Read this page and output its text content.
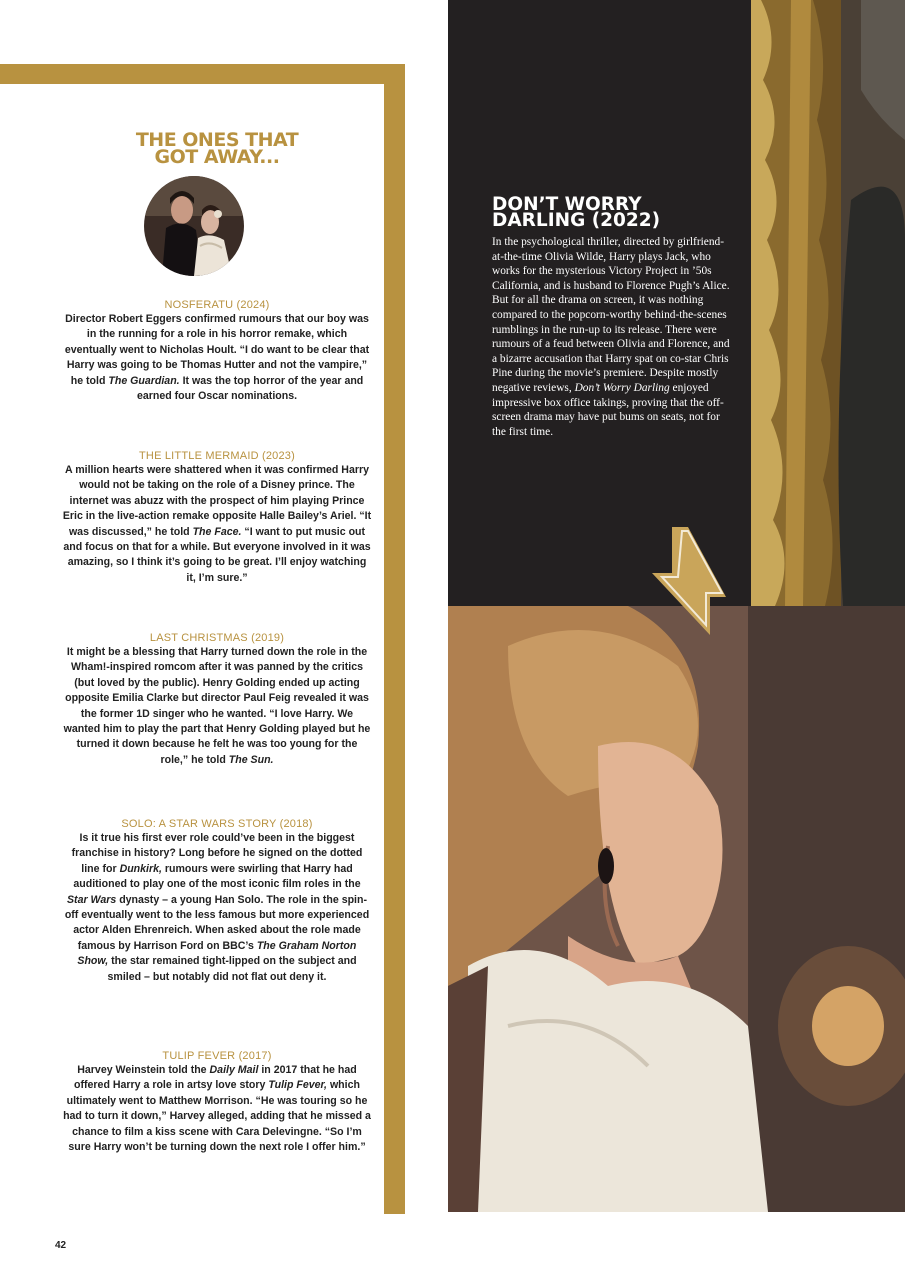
THE ONES THAT
GOT AWAY...
NOSFERATU (2024)

Director Robert Eggers confirmed rumours that our boy was in the running for a role in his horror remake, which eventually went to Nicholas Hoult. “I do want to be clear that Harry was going to be Thomas Hutter and not the vampire,” he told The Guardian. It was the top horror of the year and earned four Oscar nominations.

THE LITTLE MERMAID (2023)

A million hearts were shattered when it was confirmed Harry would not be taking on the role of a Disney prince. The internet was abuzz with the prospect of him playing Prince Eric in the live-action remake opposite Halle Bailey’s Ariel. “It was discussed,” he told The Face. “I want to put music out and focus on that for a while. But everyone involved in it was amazing, so I think it’s going to be great. I’ll enjoy watching it, I’m sure.”

LAST CHRISTMAS (2019)

It might be a blessing that Harry turned down the role in the Wham!-inspired romcom after it was panned by the critics (but loved by the public). Henry Golding ended up acting opposite Emilia Clarke but director Paul Feig revealed it was the former 1D singer who he wanted. “I love Harry. We wanted him to play the part that Henry Golding played but he turned it down because he felt he was too young for the role,” he told The Sun.

SOLO: A STAR WARS STORY (2018)

Is it true his first ever role could’ve been in the biggest franchise in history? Long before he signed on the dotted line for Dunkirk, rumours were swirling that Harry had auditioned to play one of the most iconic film roles in the Star Wars dynasty – a young Han Solo. The role in the spin-off eventually went to the less famous but more experienced actor Alden Ehrenreich. When asked about the role made famous by Harrison Ford on BBC’s The Graham Norton Show, the star remained tight-lipped on the subject and smiled – but notably did not flat out deny it.

TULIP FEVER (2017)

Harvey Weinstein told the Daily Mail in 2017 that he had offered Harry a role in artsy love story Tulip Fever, which ultimately went to Matthew Morrison. “He was touring so he had to turn it down,” Harvey alleged, adding that he missed a chance to film a kiss scene with Cara Delevingne. “So I’m sure Harry won’t be turning down the next role I offer him.”

DON’T WORRY
DARLING (2022)

In the psychological thriller, directed by girlfriend-at-the-time Olivia Wilde, Harry plays Jack, who works for the mysterious Victory Project in ’50s California, and is husband to Florence Pugh’s Alice. But for all the drama on screen, it was nothing compared to the popcorn-worthy behind-the-scenes rumblings in the run-up to its release. There were rumours of a feud between Olivia and Florence, and a bizarre accusation that Harry spat on co-star Chris Pine during the movie’s premiere. Despite mostly negative reviews, Don’t Worry Darling enjoyed impressive box office takings, proving that the off-screen drama may have put bums on seats, not for the first time.

42
